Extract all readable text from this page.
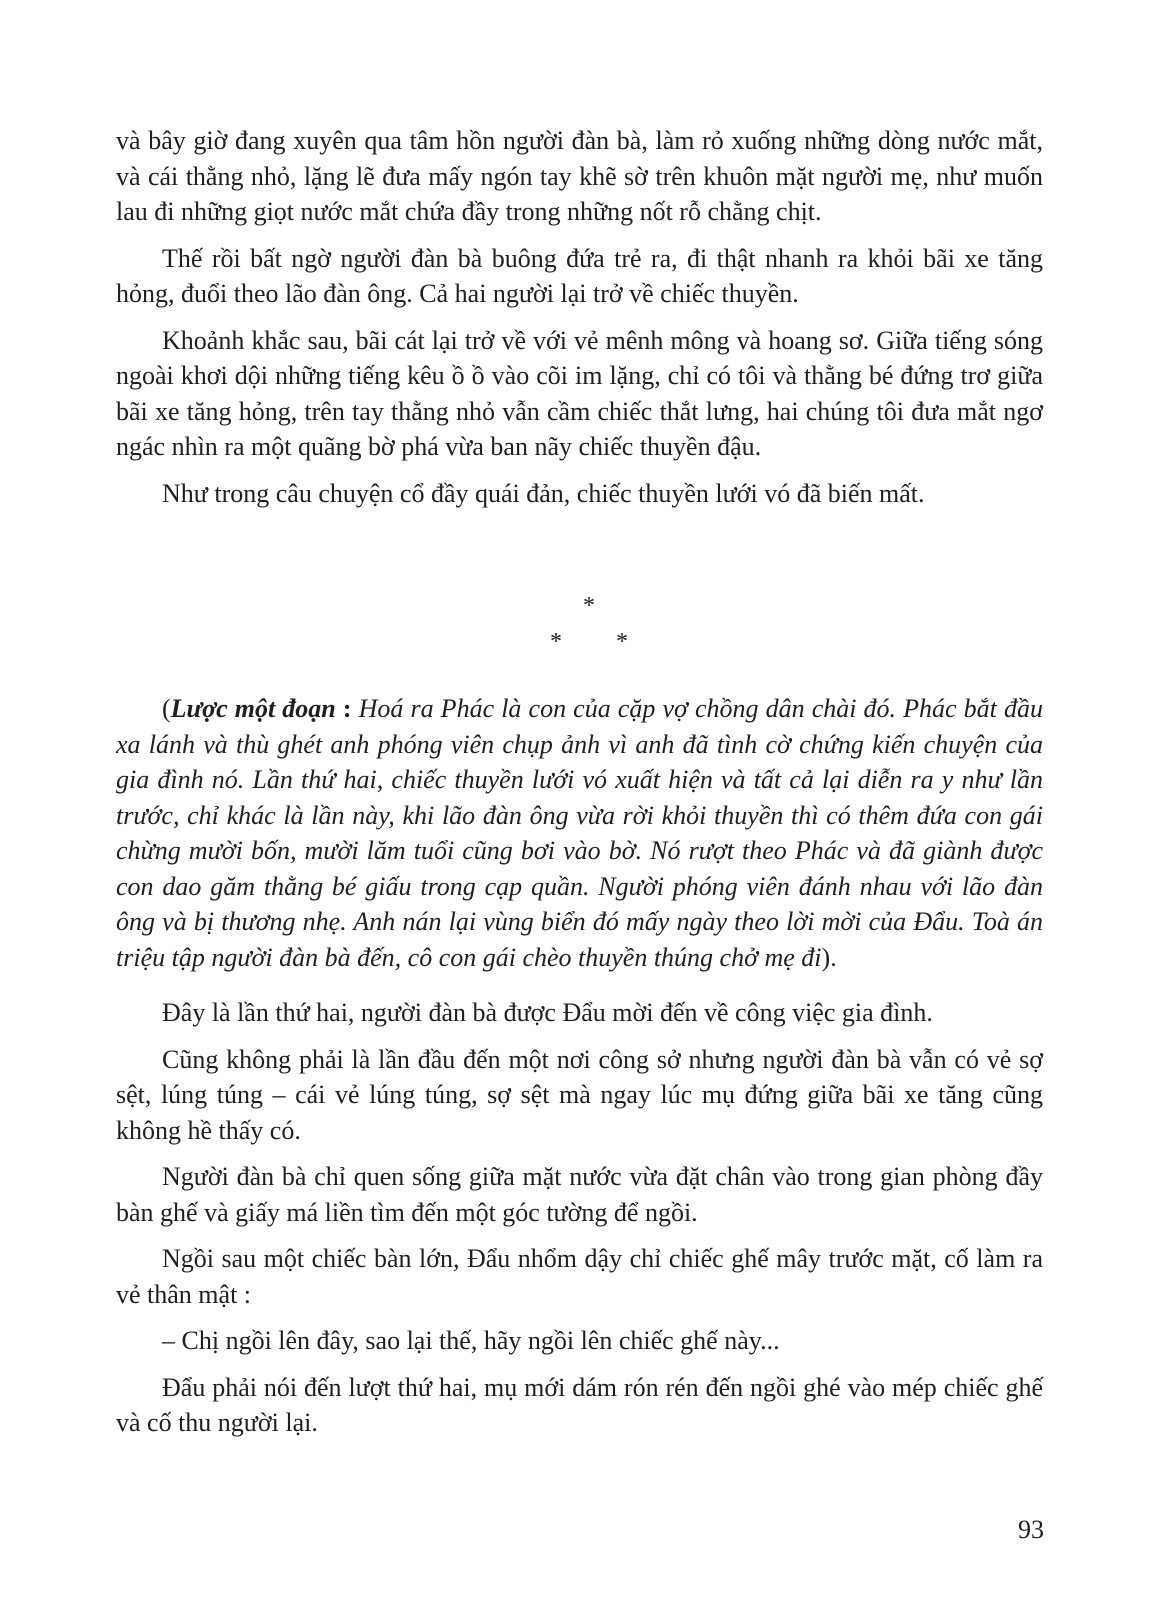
và bây giờ đang xuyên qua tâm hồn người đàn bà, làm rỏ xuống những dòng nước mắt, và cái thằng nhỏ, lặng lẽ đưa mấy ngón tay khẽ sờ trên khuôn mặt người mẹ, như muốn lau đi những giọt nước mắt chứa đầy trong những nốt rỗ chằng chịt.

Thế rồi bất ngờ người đàn bà buông đứa trẻ ra, đi thật nhanh ra khỏi bãi xe tăng hỏng, đuổi theo lão đàn ông. Cả hai người lại trở về chiếc thuyền.

Khoảnh khắc sau, bãi cát lại trở về với vẻ mênh mông và hoang sơ. Giữa tiếng sóng ngoài khơi dội những tiếng kêu ồ ồ vào cõi im lặng, chỉ có tôi và thằng bé đứng trơ giữa bãi xe tăng hỏng, trên tay thằng nhỏ vẫn cầm chiếc thắt lưng, hai chúng tôi đưa mắt ngơ ngác nhìn ra một quãng bờ phá vừa ban nãy chiếc thuyền đậu.

Như trong câu chuyện cổ đầy quái đản, chiếc thuyền lưới vó đã biến mất.

*
* *

(Lược một đoạn : Hoá ra Phác là con của cặp vợ chồng dân chài đó. Phác bắt đầu xa lánh và thù ghét anh phóng viên chụp ảnh vì anh đã tình cờ chứng kiến chuyện của gia đình nó. Lần thứ hai, chiếc thuyền lưới vó xuất hiện và tất cả lại diễn ra y như lần trước, chỉ khác là lần này, khi lão đàn ông vừa rời khỏi thuyền thì có thêm đứa con gái chừng mười bốn, mười lăm tuổi cũng bơi vào bờ. Nó rượt theo Phác và đã giành được con dao găm thằng bé giấu trong cạp quần. Người phóng viên đánh nhau với lão đàn ông và bị thương nhẹ. Anh nán lại vùng biển đó mấy ngày theo lời mời của Đẩu. Toà án triệu tập người đàn bà đến, cô con gái chèo thuyền thúng chở mẹ đi).

Đây là lần thứ hai, người đàn bà được Đẩu mời đến về công việc gia đình.

Cũng không phải là lần đầu đến một nơi công sở nhưng người đàn bà vẫn có vẻ sợ sệt, lúng túng – cái vẻ lúng túng, sợ sệt mà ngay lúc mụ đứng giữa bãi xe tăng cũng không hề thấy có.

Người đàn bà chỉ quen sống giữa mặt nước vừa đặt chân vào trong gian phòng đầy bàn ghế và giấy má liền tìm đến một góc tường để ngồi.

Ngồi sau một chiếc bàn lớn, Đẩu nhổm dậy chỉ chiếc ghế mây trước mặt, cố làm ra vẻ thân mật :

– Chị ngồi lên đây, sao lại thế, hãy ngồi lên chiếc ghế này...

Đẩu phải nói đến lượt thứ hai, mụ mới dám rón rén đến ngồi ghé vào mép chiếc ghế và cố thu người lại.

93
